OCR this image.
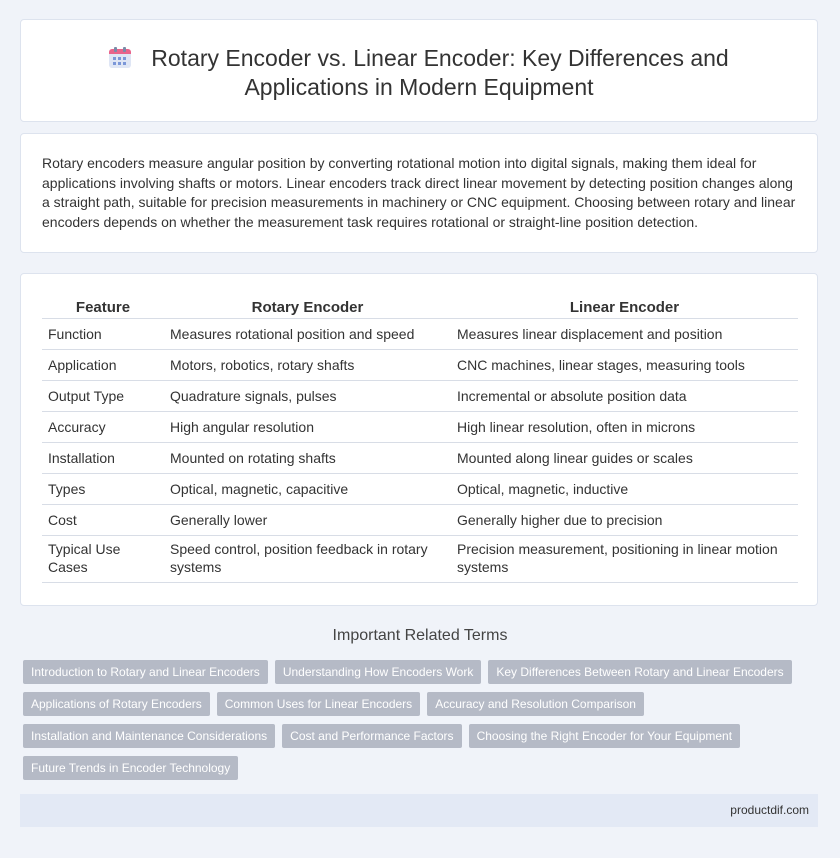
Rotary Encoder vs. Linear Encoder: Key Differences and
Applications in Modern Equipment

Rotary encoders measure angular position by converting rotational motion into digital signals, making them ideal for applications involving shafts or motors. Linear encoders track direct linear movement by detecting position changes along a straight path, suitable for precision measurements in machinery or CNC equipment. Choosing between rotary and linear encoders depends on whether the measurement task requires rotational or straight-line position detection.

Feature	Rotary Encoder	Linear Encoder
Function	Measures rotational position and speed	Measures linear displacement and position
Application	Motors, robotics, rotary shafts	CNC machines, linear stages, measuring tools
Output Type	Quadrature signals, pulses	Incremental or absolute position data
Accuracy	High angular resolution	High linear resolution, often in microns
Installation	Mounted on rotating shafts	Mounted along linear guides or scales
Types	Optical, magnetic, capacitive	Optical, magnetic, inductive
Cost	Generally lower	Generally higher due to precision
Typical Use Cases	Speed control, position feedback in rotary systems	Precision measurement, positioning in linear motion systems
Important Related Terms
Introduction to Rotary and Linear Encoders	Understanding How Encoders Work	Key Differences Between Rotary and Linear Encoders
Applications of Rotary Encoders	Common Uses for Linear Encoders	Accuracy and Resolution Comparison
Installation and Maintenance Considerations	Cost and Performance Factors	Choosing the Right Encoder for Your Equipment
Future Trends in Encoder Technology
productdif.com
